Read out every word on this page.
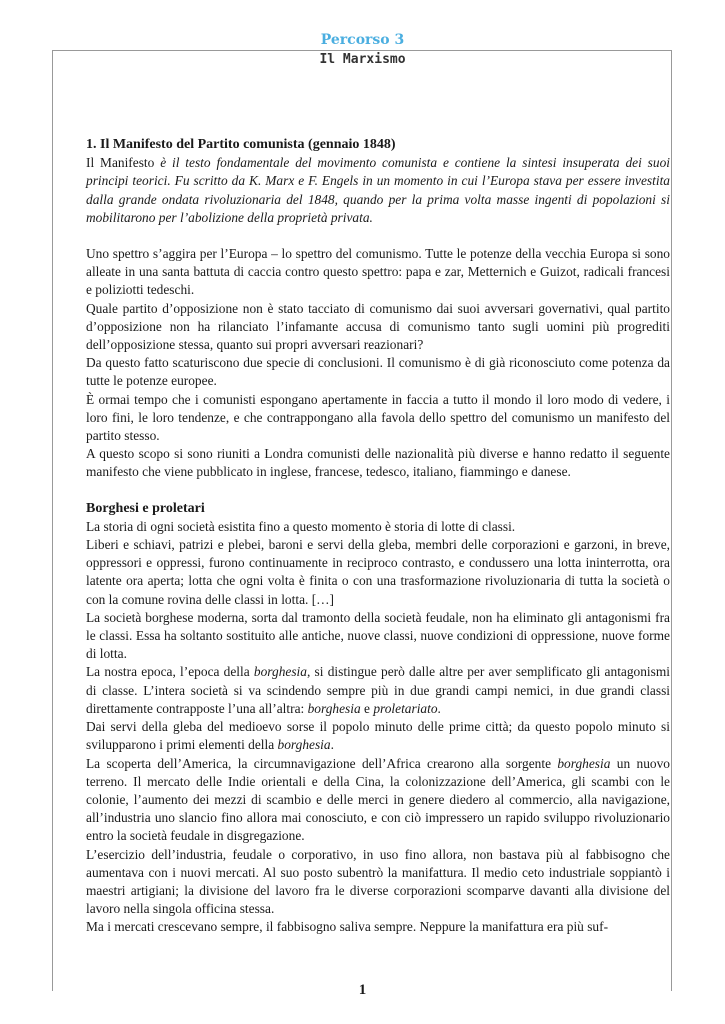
Percorso 3
Il Marxismo

1. Il Manifesto del Partito comunista (gennaio 1848)

Il Manifesto è il testo fondamentale del movimento comunista e contiene la sintesi insuperata dei suoi principi teorici. Fu scritto da K. Marx e F. Engels in un momento in cui l’Europa stava per essere investita dalla grande ondata rivoluzionaria del 1848, quando per la prima volta masse ingenti di popolazioni si mobilitarono per l’abolizione della proprietà privata.

Uno spettro s’aggira per l’Europa – lo spettro del comunismo. Tutte le potenze della vecchia Europa si sono alleate in una santa battuta di caccia contro questo spettro: papa e zar, Metternich e Guizot, radicali francesi e poliziotti tedeschi.

Quale partito d’opposizione non è stato tacciato di comunismo dai suoi avversari governativi, qual partito d’opposizione non ha rilanciato l’infamante accusa di comunismo tanto sugli uomini più progrediti dell’opposizione stessa, quanto sui propri avversari reazionari?

Da questo fatto scaturiscono due specie di conclusioni. Il comunismo è di già riconosciuto come potenza da tutte le potenze europee.

È ormai tempo che i comunisti espongano apertamente in faccia a tutto il mondo il loro modo di vedere, i loro fini, le loro tendenze, e che contrappongano alla favola dello spettro del comunismo un manifesto del partito stesso.

A questo scopo si sono riuniti a Londra comunisti delle nazionalità più diverse e hanno redatto il seguente manifesto che viene pubblicato in inglese, francese, tedesco, italiano, fiammingo e danese.

Borghesi e proletari

La storia di ogni società esistita fino a questo momento è storia di lotte di classi.

Liberi e schiavi, patrizi e plebei, baroni e servi della gleba, membri delle corporazioni e garzoni, in breve, oppressori e oppressi, furono continuamente in reciproco contrasto, e condussero una lotta ininterrotta, ora latente ora aperta; lotta che ogni volta è finita o con una trasformazione rivoluzionaria di tutta la società o con la comune rovina delle classi in lotta. […]

La società borghese moderna, sorta dal tramonto della società feudale, non ha eliminato gli antagonismi fra le classi. Essa ha soltanto sostituito alle antiche, nuove classi, nuove condizioni di oppressione, nuove forme di lotta.

La nostra epoca, l’epoca della borghesia, si distingue però dalle altre per aver semplificato gli antagonismi di classe. L’intera società si va scindendo sempre più in due grandi campi nemici, in due grandi classi direttamente contrapposte l’una all’altra: borghesia e proletariato.

Dai servi della gleba del medioevo sorse il popolo minuto delle prime città; da questo popolo minuto si svilupparono i primi elementi della borghesia.

La scoperta dell’America, la circumnavigazione dell’Africa crearono alla sorgente borghesia un nuovo terreno. Il mercato delle Indie orientali e della Cina, la colonizzazione dell’America, gli scambi con le colonie, l’aumento dei mezzi di scambio e delle merci in genere diedero al commercio, alla navigazione, all’industria uno slancio fino allora mai conosciuto, e con ciò impressero un rapido sviluppo rivoluzionario entro la società feudale in disgregazione.

L’esercizio dell’industria, feudale o corporativo, in uso fino allora, non bastava più al fabbisogno che aumentava con i nuovi mercati. Al suo posto subentrò la manifattura. Il medio ceto industriale soppiantò i maestri artigiani; la divisione del lavoro fra le diverse corporazioni scomparve davanti alla divisione del lavoro nella singola officina stessa.

Ma i mercati crescevano sempre, il fabbisogno saliva sempre. Neppure la manifattura era più suf-

1
